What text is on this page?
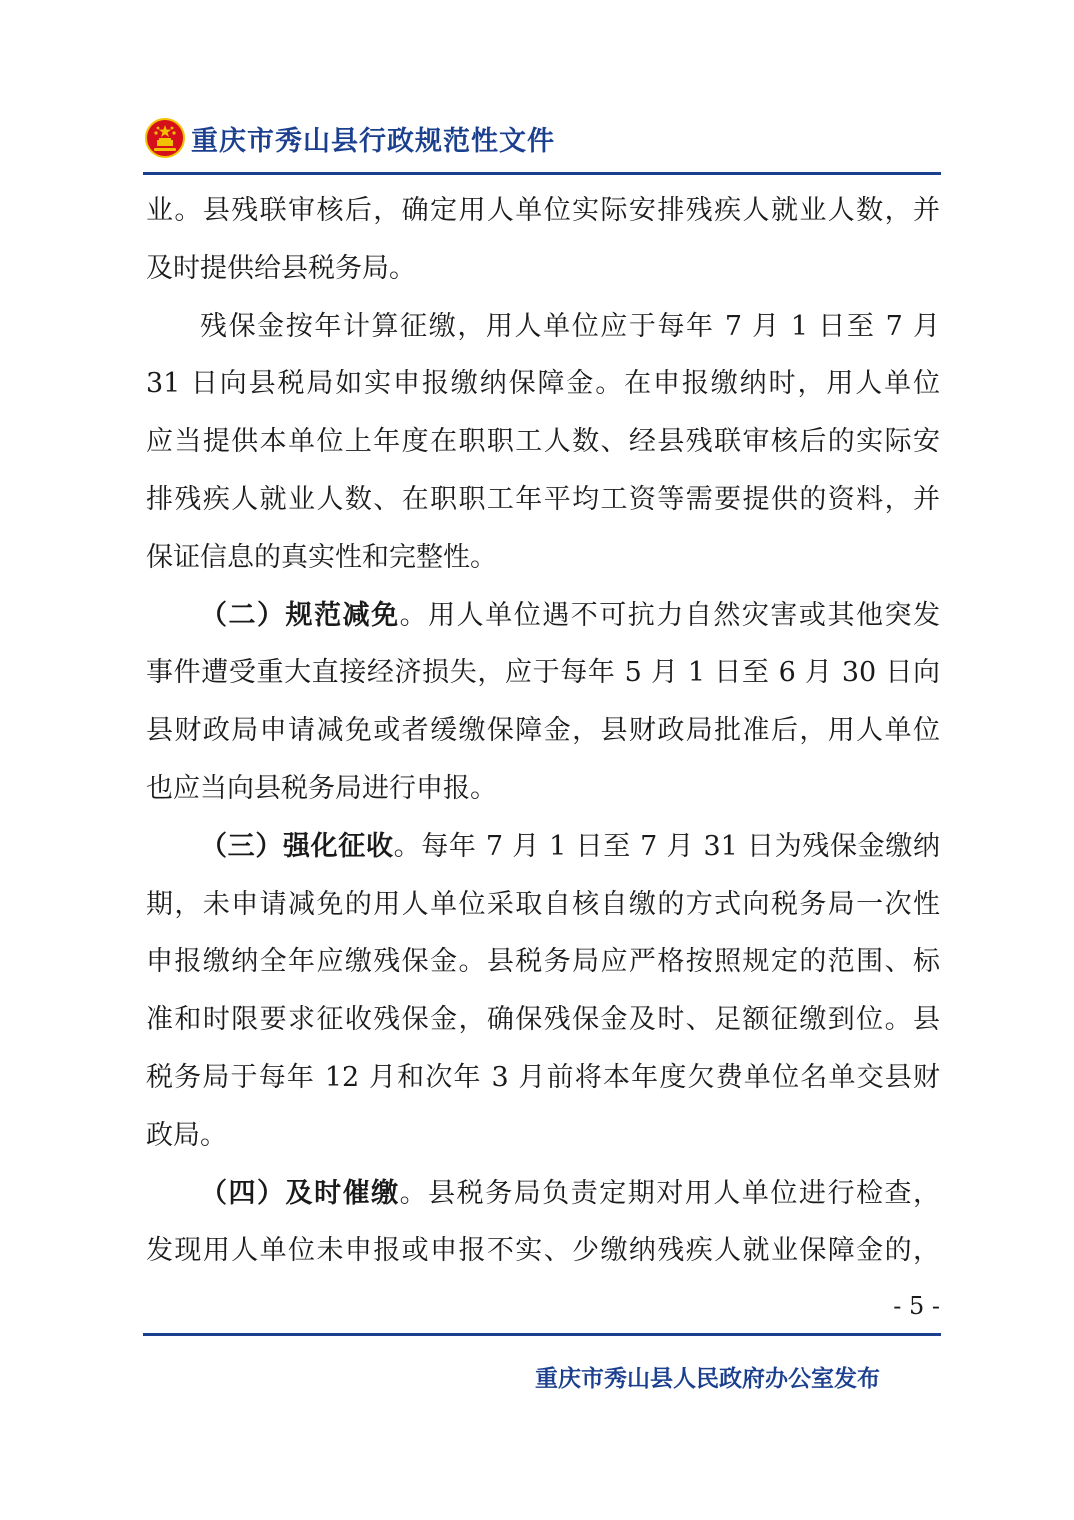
重庆市秀山县行政规范性文件

业。县残联审核后，确定用人单位实际安排残疾人就业人数，并

及时提供给县税务局。

残保金按年计算征缴，用人单位应于每年 7 月 1 日至 7 月

31 日向县税局如实申报缴纳保障金。在申报缴纳时，用人单位

应当提供本单位上年度在职职工人数、经县残联审核后的实际安

排残疾人就业人数、在职职工年平均工资等需要提供的资料，并

保证信息的真实性和完整性。

（二）规范减免。用人单位遇不可抗力自然灾害或其他突发

事件遭受重大直接经济损失，应于每年 5 月 1 日至 6 月 30 日向

县财政局申请减免或者缓缴保障金，县财政局批准后，用人单位

也应当向县税务局进行申报。

（三）强化征收。每年 7 月 1 日至 7 月 31 日为残保金缴纳

期，未申请减免的用人单位采取自核自缴的方式向税务局一次性

申报缴纳全年应缴残保金。县税务局应严格按照规定的范围、标

准和时限要求征收残保金，确保残保金及时、足额征缴到位。县

税务局于每年 12 月和次年 3 月前将本年度欠费单位名单交县财

政局。

（四）及时催缴。县税务局负责定期对用人单位进行检查，

发现用人单位未申报或申报不实、少缴纳残疾人就业保障金的，

- 5 -
重庆市秀山县人民政府办公室发布
